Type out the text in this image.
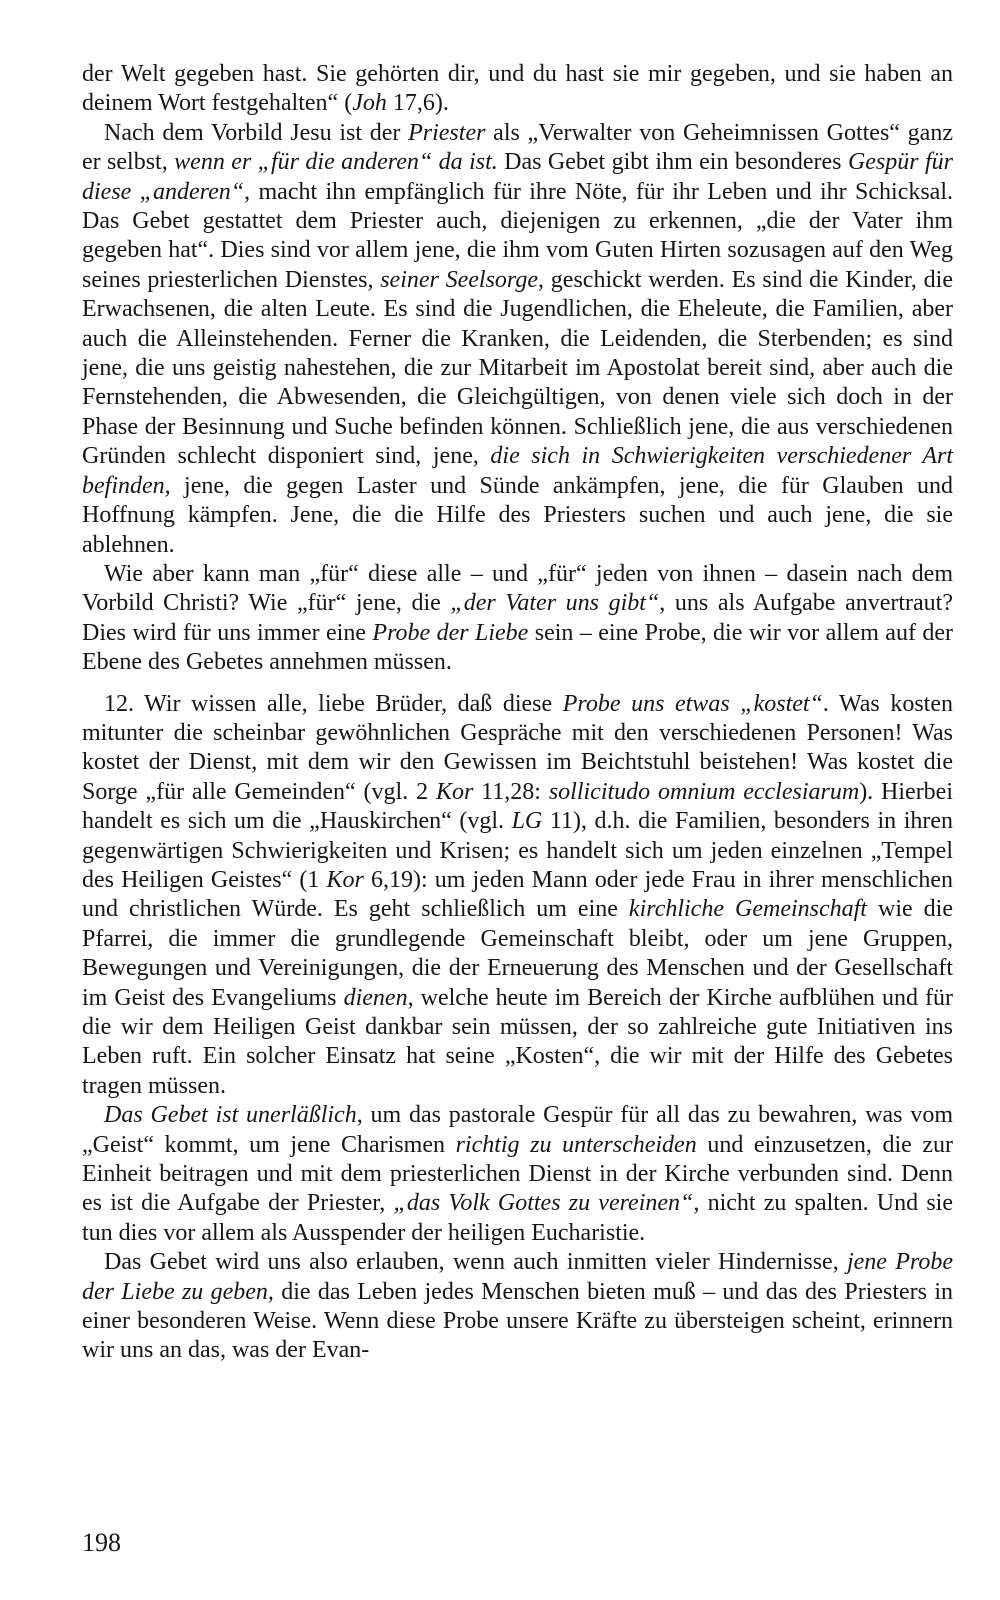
der Welt gegeben hast. Sie gehörten dir, und du hast sie mir gegeben, und sie haben an deinem Wort festgehalten“ (Joh 17,6).

Nach dem Vorbild Jesu ist der Priester als „Verwalter von Geheimnissen Gottes“ ganz er selbst, wenn er „für die anderen“ da ist. Das Gebet gibt ihm ein besonderes Gespür für diese „anderen“, macht ihn empfänglich für ihre Nöte, für ihr Leben und ihr Schicksal. Das Gebet gestattet dem Priester auch, diejenigen zu erkennen, „die der Vater ihm gegeben hat“. Dies sind vor allem jene, die ihm vom Guten Hirten sozusagen auf den Weg seines priesterlichen Dienstes, seiner Seelsorge, geschickt werden. Es sind die Kinder, die Erwachsenen, die alten Leute. Es sind die Jugendlichen, die Eheleute, die Familien, aber auch die Alleinstehenden. Ferner die Kranken, die Leidenden, die Sterbenden; es sind jene, die uns geistig nahestehen, die zur Mitarbeit im Apostolat bereit sind, aber auch die Fernstehenden, die Abwesenden, die Gleichgültigen, von denen viele sich doch in der Phase der Besinnung und Suche befinden können. Schließlich jene, die aus verschiedenen Gründen schlecht disponiert sind, jene, die sich in Schwierigkeiten verschiedener Art befinden, jene, die gegen Laster und Sünde ankämpfen, jene, die für Glauben und Hoffnung kämpfen. Jene, die die Hilfe des Priesters suchen und auch jene, die sie ablehnen.

Wie aber kann man „für“ diese alle – und „für“ jeden von ihnen – dasein nach dem Vorbild Christi? Wie „für“ jene, die „der Vater uns gibt“, uns als Aufgabe anvertraut? Dies wird für uns immer eine Probe der Liebe sein – eine Probe, die wir vor allem auf der Ebene des Gebetes annehmen müssen.

12. Wir wissen alle, liebe Brüder, daß diese Probe uns etwas „kostet“. Was kosten mitunter die scheinbar gewöhnlichen Gespräche mit den verschiedenen Personen! Was kostet der Dienst, mit dem wir den Gewissen im Beichtstuhl beistehen! Was kostet die Sorge „für alle Gemeinden“ (vgl. 2 Kor 11,28: sollicitudo omnium ecclesiarum). Hierbei handelt es sich um die „Hauskirchen“ (vgl. LG 11), d.h. die Familien, besonders in ihren gegenwärtigen Schwierigkeiten und Krisen; es handelt sich um jeden einzelnen „Tempel des Heiligen Geistes“ (1 Kor 6,19): um jeden Mann oder jede Frau in ihrer menschlichen und christlichen Würde. Es geht schließlich um eine kirchliche Gemeinschaft wie die Pfarrei, die immer die grundlegende Gemeinschaft bleibt, oder um jene Gruppen, Bewegungen und Vereinigungen, die der Erneuerung des Menschen und der Gesellschaft im Geist des Evangeliums dienen, welche heute im Bereich der Kirche aufblühen und für die wir dem Heiligen Geist dankbar sein müssen, der so zahlreiche gute Initiativen ins Leben ruft. Ein solcher Einsatz hat seine „Kosten“, die wir mit der Hilfe des Gebetes tragen müssen.

Das Gebet ist unerläßlich, um das pastorale Gespür für all das zu bewahren, was vom „Geist“ kommt, um jene Charismen richtig zu unterscheiden und einzusetzen, die zur Einheit beitragen und mit dem priesterlichen Dienst in der Kirche verbunden sind. Denn es ist die Aufgabe der Priester, „das Volk Gottes zu vereinen“, nicht zu spalten. Und sie tun dies vor allem als Ausspender der heiligen Eucharistie.

Das Gebet wird uns also erlauben, wenn auch inmitten vieler Hindernisse, jene Probe der Liebe zu geben, die das Leben jedes Menschen bieten muß – und das des Priesters in einer besonderen Weise. Wenn diese Probe unsere Kräfte zu übersteigen scheint, erinnern wir uns an das, was der Evan-

198
